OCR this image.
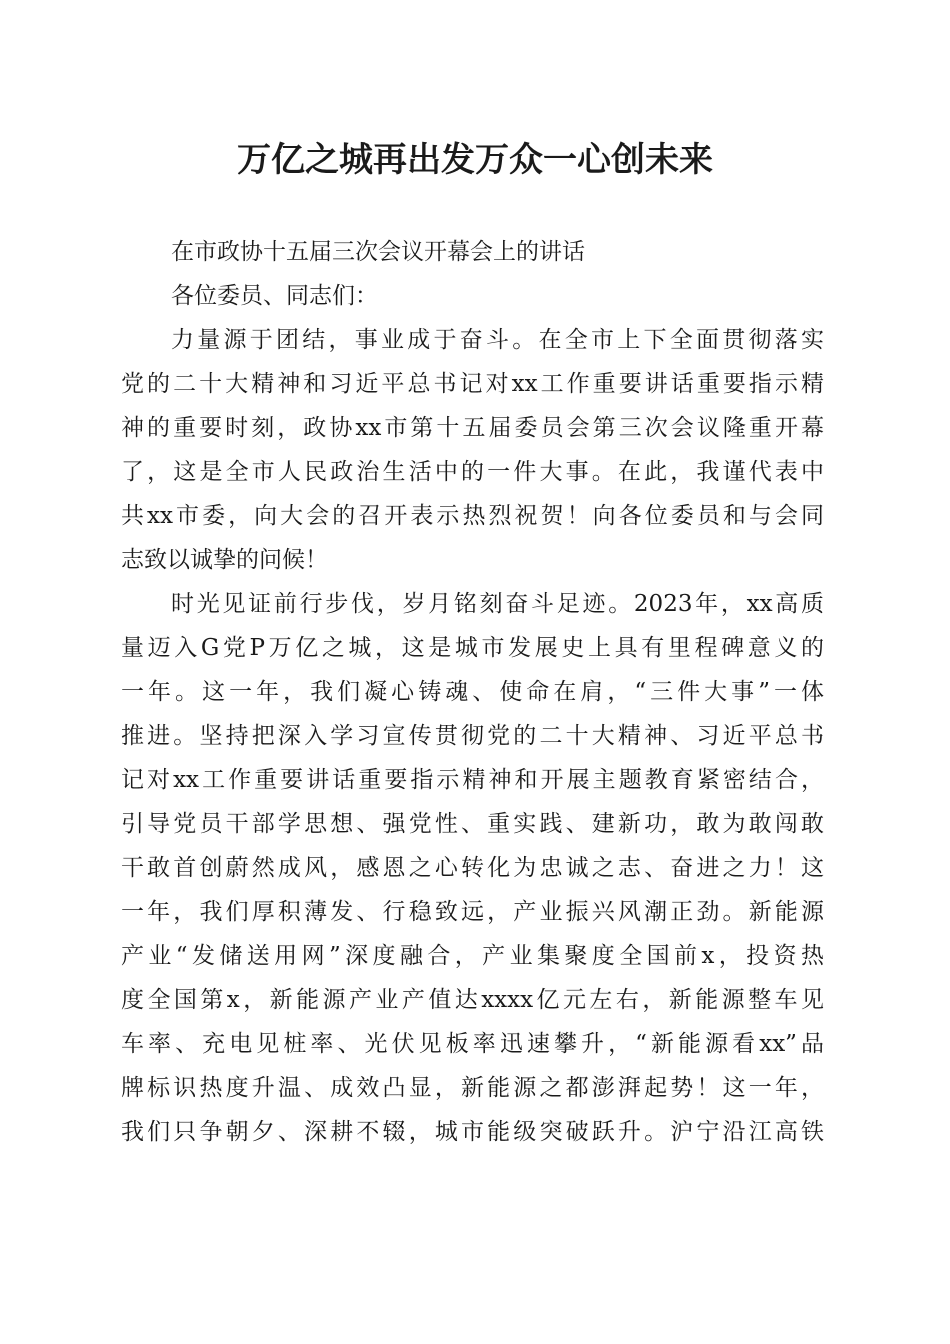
万亿之城再出发万众一心创未来
在市政协十五届三次会议开幕会上的讲话
各位委员、同志们：
力量源于团结，事业成于奋斗。在全市上下全面贯彻落实
党的二十大精神和习近平总书记对xx工作重要讲话重要指示精
神的重要时刻，政协xx市第十五届委员会第三次会议隆重开幕
了，这是全市人民政治生活中的一件大事。在此，我谨代表中
共xx市委，向大会的召开表示热烈祝贺！向各位委员和与会同
志致以诚挚的问候！
时光见证前行步伐，岁月铭刻奋斗足迹。2023年，xx高质
量迈入G党P万亿之城，这是城市发展史上具有里程碑意义的
一年。这一年，我们凝心铸魂、使命在肩，“三件大事”一体
推进。坚持把深入学习宣传贯彻党的二十大精神、习近平总书
记对xx工作重要讲话重要指示精神和开展主题教育紧密结合，
引导党员干部学思想、强党性、重实践、建新功，敢为敢闯敢
干敢首创蔚然成风，感恩之心转化为忠诚之志、奋进之力！这
一年，我们厚积薄发、行稳致远，产业振兴风潮正劲。新能源
产业“发储送用网”深度融合，产业集聚度全国前x，投资热
度全国第x，新能源产业产值达xxxx亿元左右，新能源整车见
车率、充电见桩率、光伏见板率迅速攀升，“新能源看xx”品
牌标识热度升温、成效凸显，新能源之都澎湃起势！这一年，
我们只争朝夕、深耕不辍，城市能级突破跃升。沪宁沿江高铁
